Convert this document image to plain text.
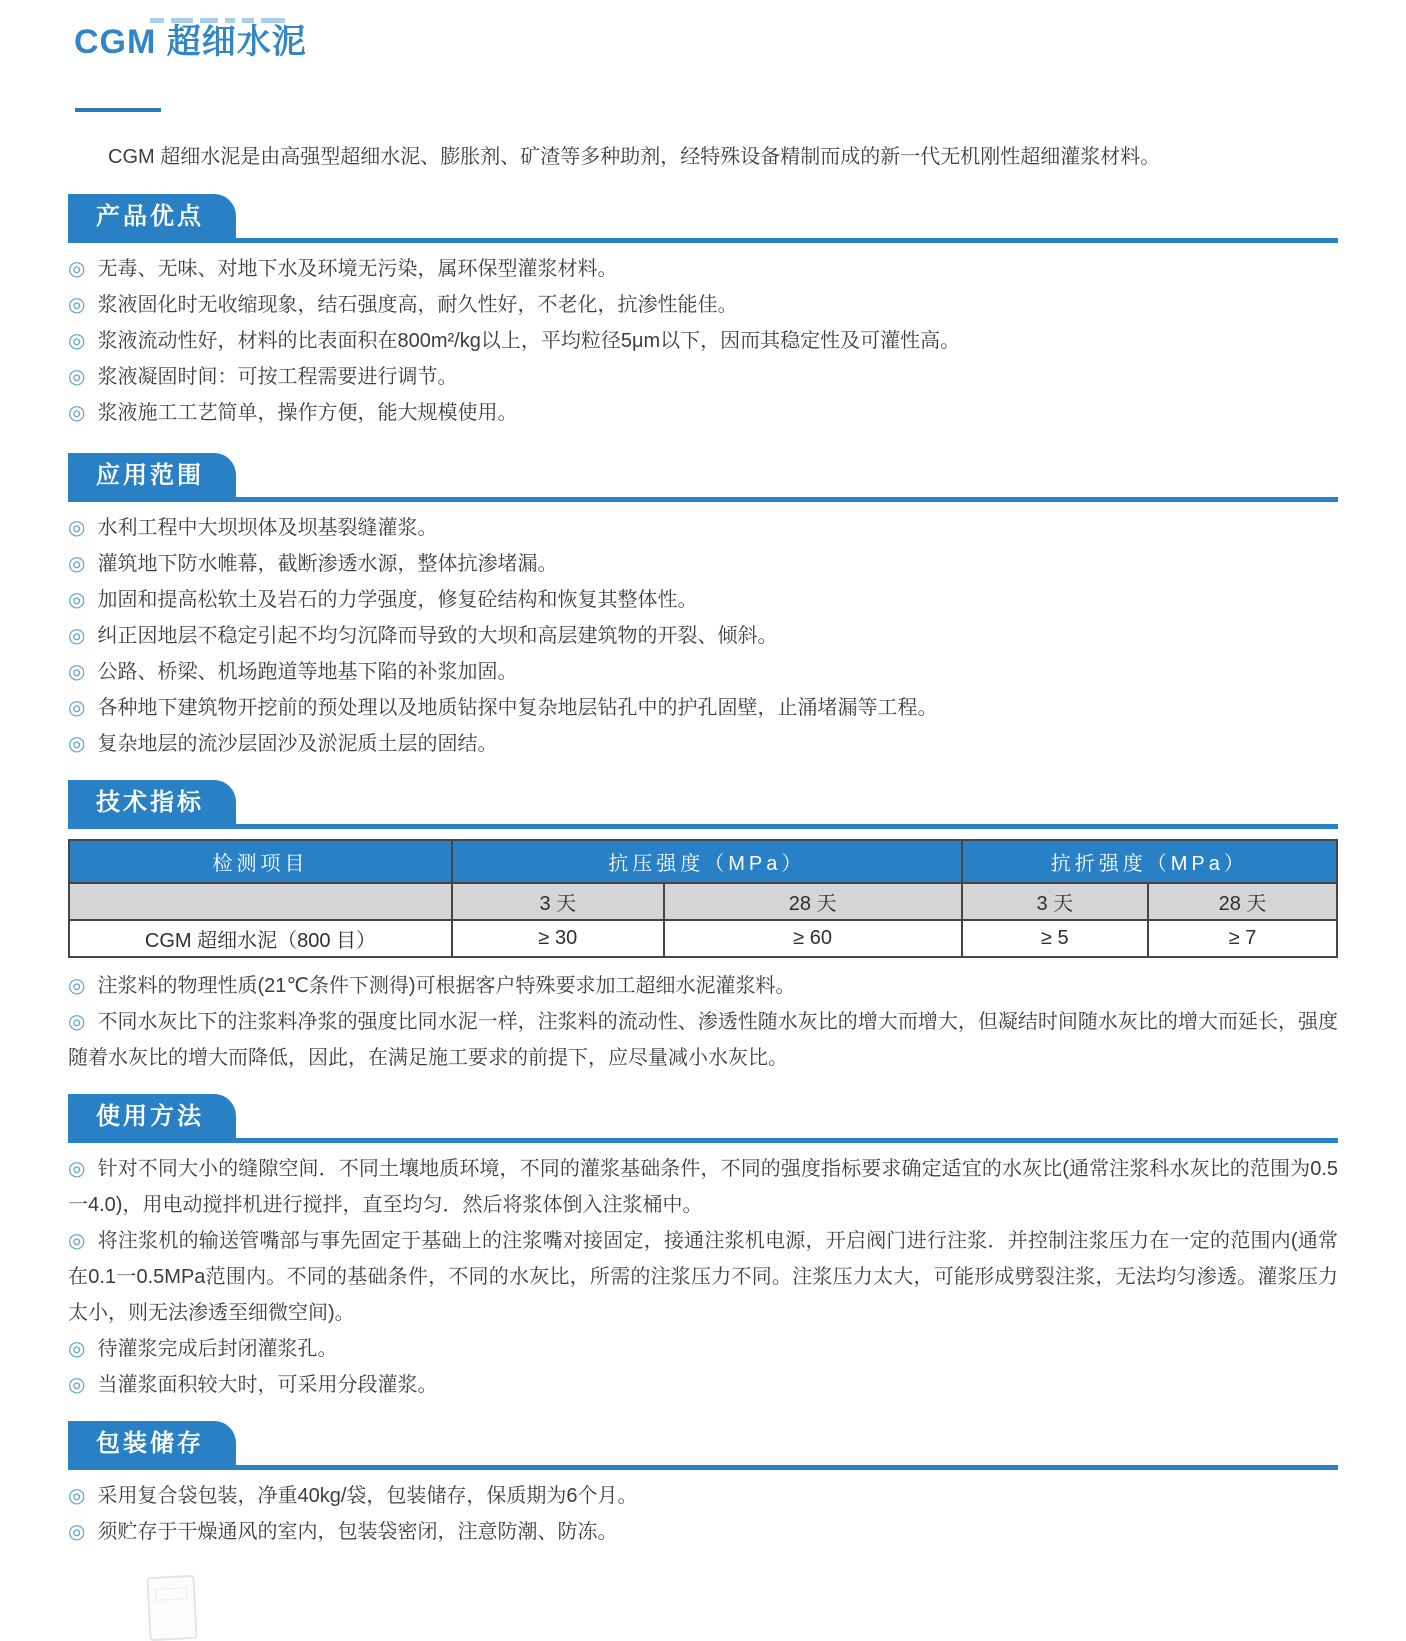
CGM 超细水泥

CGM 超细水泥是由高强型超细水泥、膨胀剂、矿渣等多种助剂，经特殊设备精制而成的新一代无机刚性超细灌浆材料。

产品优点

◎ 无毒、无味、对地下水及环境无污染，属环保型灌浆材料。

◎ 浆液固化时无收缩现象，结石强度高，耐久性好，不老化，抗渗性能佳。

◎ 浆液流动性好，材料的比表面积在800m²/kg以上，平均粒径5μm以下，因而其稳定性及可灌性高。

◎ 浆液凝固时间：可按工程需要进行调节。

◎ 浆液施工工艺简单，操作方便，能大规模使用。

应用范围

◎ 水利工程中大坝坝体及坝基裂缝灌浆。

◎ 灌筑地下防水帷幕，截断渗透水源，整体抗渗堵漏。

◎ 加固和提高松软土及岩石的力学强度，修复砼结构和恢复其整体性。

◎ 纠正因地层不稳定引起不均匀沉降而导致的大坝和高层建筑物的开裂、倾斜。

◎ 公路、桥梁、机场跑道等地基下陷的补浆加固。

◎ 各种地下建筑物开挖前的预处理以及地质钻探中复杂地层钻孔中的护孔固壁，止涌堵漏等工程。

◎ 复杂地层的流沙层固沙及淤泥质土层的固结。

技术指标
检测项目	抗压强度（MPa）		抗折强度（MPa）	
	3 天	28 天	3 天	28 天
CGM 超细水泥（800 目）	≥ 30	≥ 60	≥ 5	≥ 7

◎ 注浆料的物理性质(21℃条件下测得)可根据客户特殊要求加工超细水泥灌浆料。

◎ 不同水灰比下的注浆料净浆的强度比同水泥一样，注浆料的流动性、渗透性随水灰比的增大而增大，但凝结时间随水灰比的增大而延长，强度随着水灰比的增大而降低，因此，在满足施工要求的前提下，应尽量减小水灰比。

使用方法

◎ 针对不同大小的缝隙空间．不同土壤地质环境，不同的灌浆基础条件，不同的强度指标要求确定适宜的水灰比(通常注浆科水灰比的范围为0.5一4.0)，用电动搅拌机进行搅拌，直至均匀．然后将浆体倒入注浆桶中。

◎ 将注浆机的输送管嘴部与事先固定于基础上的注浆嘴对接固定，接通注浆机电源，开启阀门进行注浆．并控制注浆压力在一定的范围内(通常在0.1一0.5MPa范围内。不同的基础条件，不同的水灰比，所需的注浆压力不同。注浆压力太大，可能形成劈裂注浆，无法均匀渗透。灌浆压力太小，则无法渗透至细微空间)。

◎ 待灌浆完成后封闭灌浆孔。

◎ 当灌浆面积较大时，可采用分段灌浆。

包装储存

◎ 采用复合袋包装，净重40kg/袋，包装储存，保质期为6个月。

◎ 须贮存于干燥通风的室内，包装袋密闭，注意防潮、防冻。
